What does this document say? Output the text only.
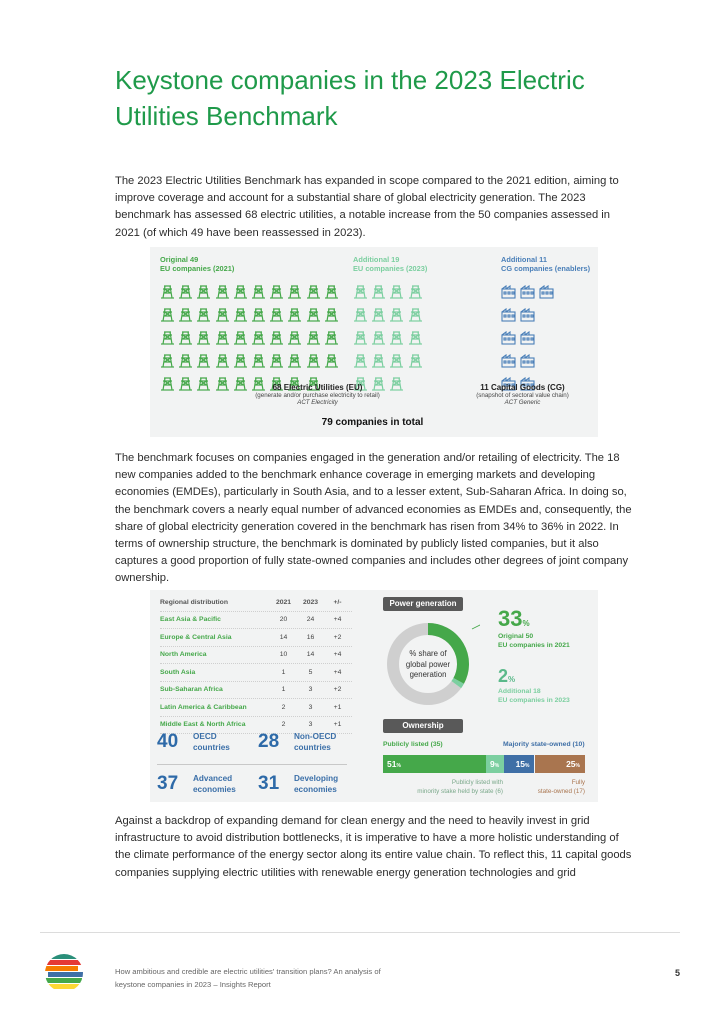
Keystone companies in the 2023 Electric Utilities Benchmark

The 2023 Electric Utilities Benchmark has expanded in scope compared to the 2021 edition, aiming to improve coverage and account for a substantial share of global electricity generation. The 2023 benchmark has assessed 68 electric utilities, a notable increase from the 50 companies assessed in 2021 (of which 49 have been reassessed in 2023).

Original 49
EU companies (2021)
Additional 19
EU companies (2023)
Additional 11
CG companies (enablers)
68 Electric Utilities (EU)
(generate and/or purchase electricity to retail)
ACT Electricity
11 Capital Goods (CG)
(snapshot of sectoral value chain)
ACT Generic
79 companies in total

The benchmark focuses on companies engaged in the generation and/or retailing of electricity. The 18 new companies added to the benchmark enhance coverage in emerging markets and developing economies (EMDEs), particularly in South Asia, and to a lesser extent, Sub-Saharan Africa. In doing so, the benchmark covers a nearly equal number of advanced economies as EMDEs and, consequently, the share of global electricity generation covered in the benchmark has risen from 34% to 36% in 2022. In terms of ownership structure, the benchmark is dominated by publicly listed companies, but it also captures a good proportion of fully state-owned companies and includes other degrees of joint company ownership.

Regional distribution	2021	2023	+/-
East Asia & Pacific	20	24	+4
Europe & Central Asia	14	16	+2
North America	10	14	+4
South Asia	1	5	+4
Sub-Saharan Africa	1	3	+2
Latin America & Caribbean	2	3	+1
Middle East & North Africa	2	3	+1
40	OECD
countries 28	Non-OECD
countries
37	Advanced
economies 31	Developing
economies
Power generation
% share of
global power
generation
33%
Original 50
EU companies in 2021
2%
Additional 18
EU companies in 2023
Ownership
Publicly listed (35)	Majority state-owned (10)
51%	9%	15%	25%
Publicly listed with
minority stake held by state (6)
Fully
state-owned (17)

Against a backdrop of expanding demand for clean energy and the need to heavily invest in grid infrastructure to avoid distribution bottlenecks, it is imperative to have a more holistic understanding of the climate performance of the energy sector along its entire value chain. To reflect this, 11 capital goods companies supplying electric utilities with renewable energy generation technologies and grid

How ambitious and credible are electric utilities' transition plans? An analysis of
keystone companies in 2023 – Insights Report
5
